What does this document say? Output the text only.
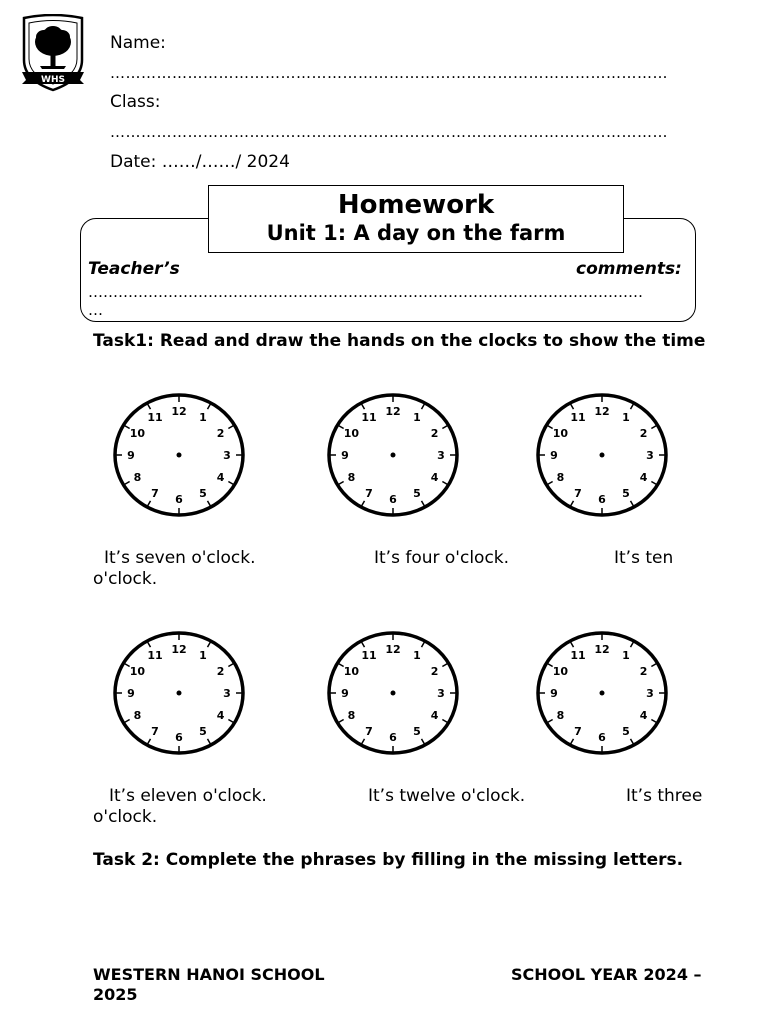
WHS
Name:
………………………………………………………………………………………………
Class:
………………………………………………………………………………………………
Date: ……/……/ 2024
Teacher’s	comments:
…………………………………………………………………………………………………
…
Homework
Unit 1: A day on the farm
Task1: Read and draw the hands on the clocks to show the time
12 1
2
3
4
5
6
7
8
9
10
11	12 1
2
3
4
5
6
7
8
9
10
11	12 1
2
3
4
5
6
7
8
9
10
11
It’s seven o'clock.	It’s four o'clock.	It’s ten
o'clock.
12 1
2
3
4
5
6
7
8
9
10
11	12 1
2
3
4
5
6
7
8
9
10
11	12 1
2
3
4
5
6
7
8
9
10
11
It’s eleven o'clock.	It’s twelve o'clock.	It’s three
o'clock.
Task 2: Complete the phrases by filling in the missing letters.
WESTERN HANOI SCHOOL	SCHOOL YEAR 2024 –
2025
